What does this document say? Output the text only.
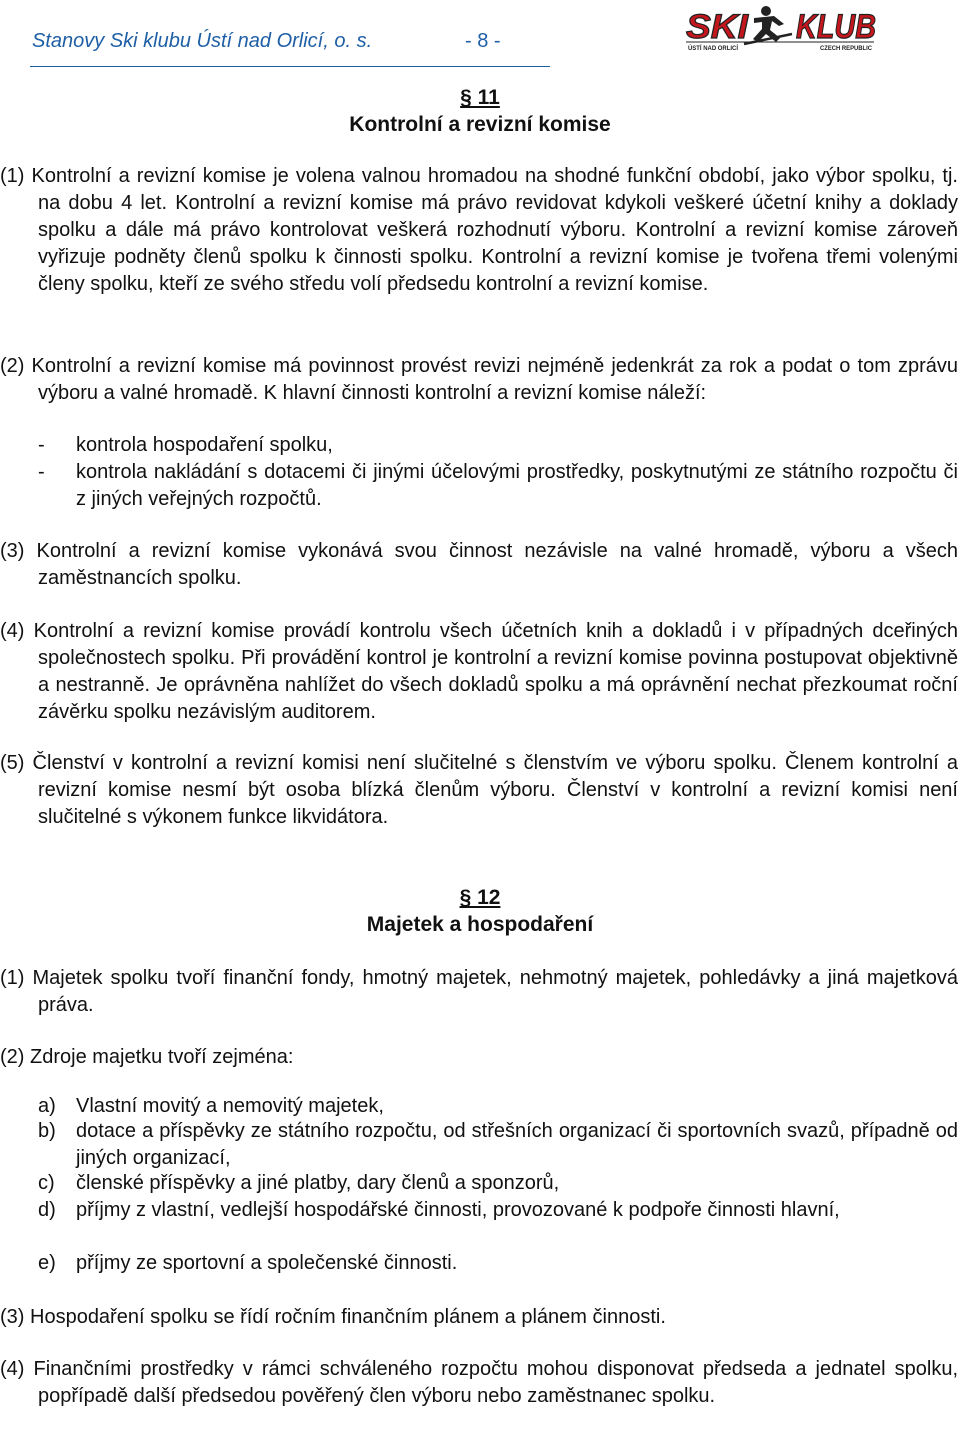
Stanovy Ski klubu Ústí nad Orlicí, o. s.	- 8 -	SKI KLUB
ÚSTÍ NAD ORLICÍ	CZECH REPUBLIC
§ 11
Kontrolní a revizní komise
(1) Kontrolní a revizní komise je volena valnou hromadou na shodné funkční období, jako výbor spolku, tj. na dobu 4 let. Kontrolní a revizní komise má právo revidovat kdykoli veškeré účetní knihy a doklady spolku a dále má právo kontrolovat veškerá rozhodnutí výboru. Kontrolní a revizní komise zároveň vyřizuje podněty členů spolku k činnosti spolku. Kontrolní a revizní komise je tvořena třemi volenými členy spolku, kteří ze svého středu volí předsedu kontrolní a revizní komise.
(2) Kontrolní a revizní komise má povinnost provést revizi nejméně jedenkrát za rok a podat o tom zprávu výboru a valné hromadě. K hlavní činnosti kontrolní a revizní komise náleží:
- kontrola hospodaření spolku,
- kontrola nakládání s dotacemi či jinými účelovými prostředky, poskytnutými ze státního rozpočtu či z jiných veřejných rozpočtů.
(3) Kontrolní a revizní komise vykonává svou činnost nezávisle na valné hromadě, výboru a všech zaměstnancích spolku.
(4) Kontrolní a revizní komise provádí kontrolu všech účetních knih a dokladů i v případných dceřiných společnostech spolku. Při provádění kontrol je kontrolní a revizní komise povinna postupovat objektivně a nestranně. Je oprávněna nahlížet do všech dokladů spolku a má oprávnění nechat přezkoumat roční závěrku spolku nezávislým auditorem.
(5) Členství v kontrolní a revizní komisi není slučitelné s členstvím ve výboru spolku. Členem kontrolní a revizní komise nesmí být osoba blízká členům výboru. Členství v kontrolní a revizní komisi není slučitelné s výkonem funkce likvidátora.
§ 12
Majetek a hospodaření
(1) Majetek spolku tvoří finanční fondy, hmotný majetek, nehmotný majetek, pohledávky a jiná majetková práva.
(2) Zdroje majetku tvoří zejména:
a) Vlastní movitý a nemovitý majetek,
b) dotace a příspěvky ze státního rozpočtu, od střešních organizací či sportovních svazů, případně od jiných organizací,
c) členské příspěvky a jiné platby, dary členů a sponzorů,
d) příjmy z vlastní, vedlejší hospodářské činnosti, provozované k podpoře činnosti hlavní,
e) příjmy ze sportovní a společenské činnosti.
(3) Hospodaření spolku se řídí ročním finančním plánem a plánem činnosti.
(4) Finančními prostředky v rámci schváleného rozpočtu mohou disponovat předseda a jednatel spolku, popřípadě další předsedou pověřený člen výboru nebo zaměstnanec spolku.
